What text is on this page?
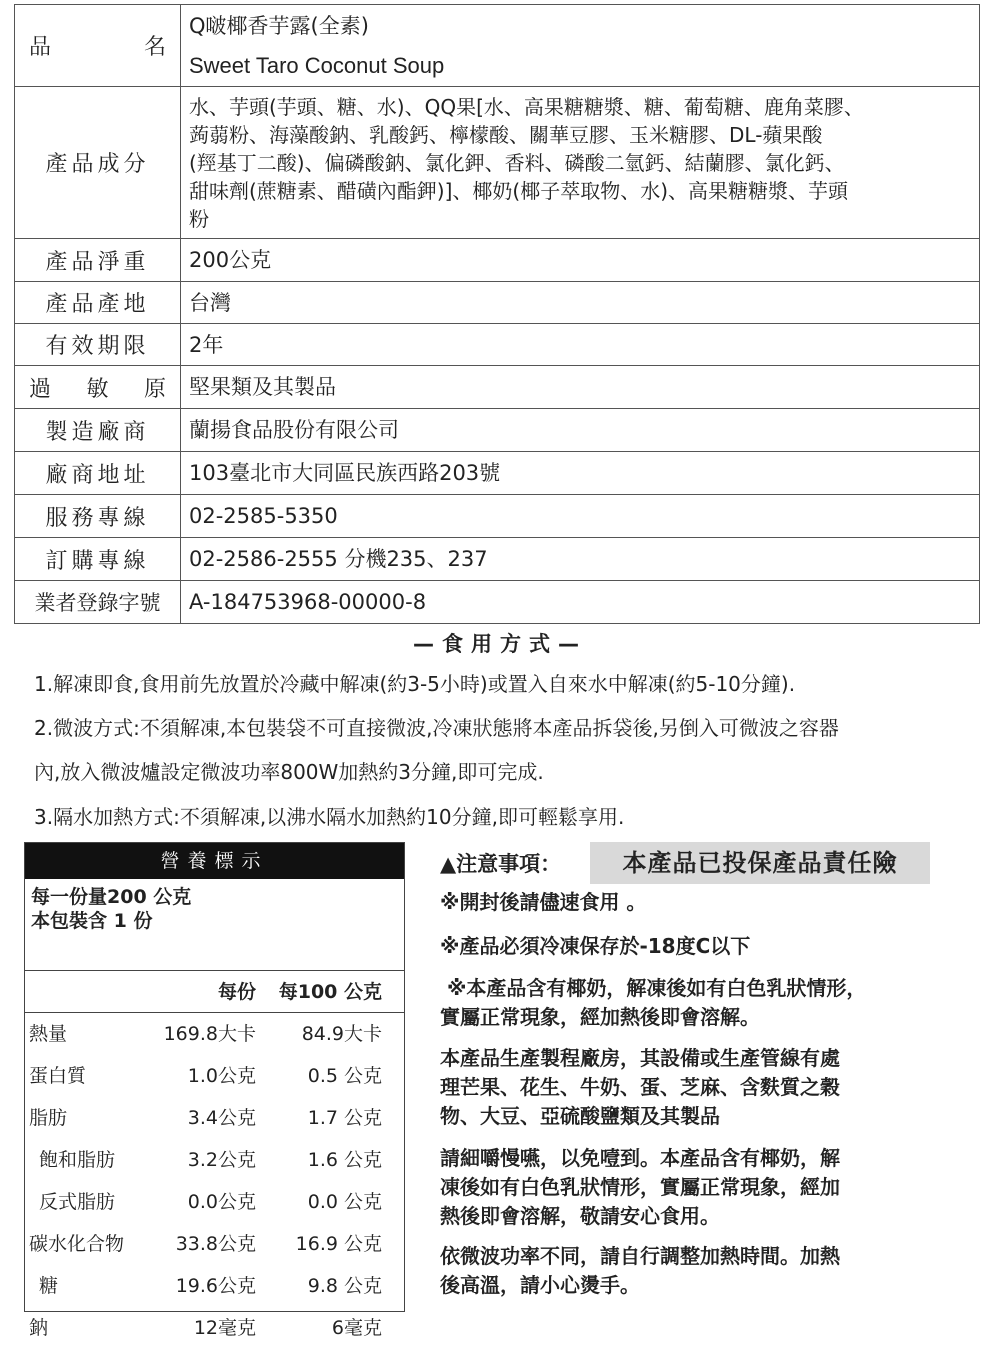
品　　　名	Q啵椰香芋露(全素)
Sweet Taro Coconut Soup

產品成分	水、芋頭(芋頭、糖、水)、QQ果[水、高果糖糖漿、糖、葡萄糖、鹿角菜膠、
蒟蒻粉、海藻酸鈉、乳酸鈣、檸檬酸、關華豆膠、玉米糖膠、DL-蘋果酸
(羥基丁二酸)、偏磷酸鈉、氯化鉀、香料、磷酸二氫鈣、結蘭膠、氯化鈣、
甜味劑(蔗糖素、醋磺內酯鉀)]、椰奶(椰子萃取物、水)、高果糖糖漿、芋頭
粉

產品淨重	200公克
產品產地	台灣
有效期限	2年
過敏原	堅果類及其製品
製造廠商	蘭揚食品股份有限公司
廠商地址	103臺北市大同區民族西路203號
服務專線	02-2585-5350
訂購專線	02-2586-2555 分機235、237
業者登錄字號	A-184753968-00000-8
—食用方式—
1.解凍即食,食用前先放置於冷藏中解凍(約3-5小時)或置入自來水中解凍(約5-10分鐘).
2.微波方式:不須解凍,本包裝袋不可直接微波,冷凍狀態將本產品拆袋後,另倒入可微波之容器
內,放入微波爐設定微波功率800W加熱約3分鐘,即可完成.
3.隔水加熱方式:不須解凍,以沸水隔水加熱約10分鐘,即可輕鬆享用.
營養標示
每一份量200 公克
本包裝含 1 份
每份 每100 公克
熱量	169.8大卡 84.9大卡
蛋白質	1.0公克	0.5 公克
脂肪	3.4公克	1.7 公克
飽和脂肪	3.2公克	1.6 公克
反式脂肪	0.0公克	0.0 公克
碳水化合物	33.8公克 16.9 公克
糖	19.6公克	9.8 公克
鈉	12毫克	6毫克
▲注意事項：	本產品已投保產品責任險
※開封後請儘速食用 。
※產品必須冷凍保存於-18度C以下
※本產品含有椰奶，解凍後如有白色乳狀情形，
實屬正常現象，經加熱後即會溶解。
本產品生產製程廠房，其設備或生產管線有處
理芒果、花生、牛奶、蛋、芝麻、含麩質之穀
物、大豆、亞硫酸鹽類及其製品
請細嚼慢嚥，以免噎到。本產品含有椰奶，解
凍後如有白色乳狀情形，實屬正常現象，經加
熱後即會溶解，敬請安心食用。
依微波功率不同，請自行調整加熱時間。加熱
後高溫，請小心燙手。
